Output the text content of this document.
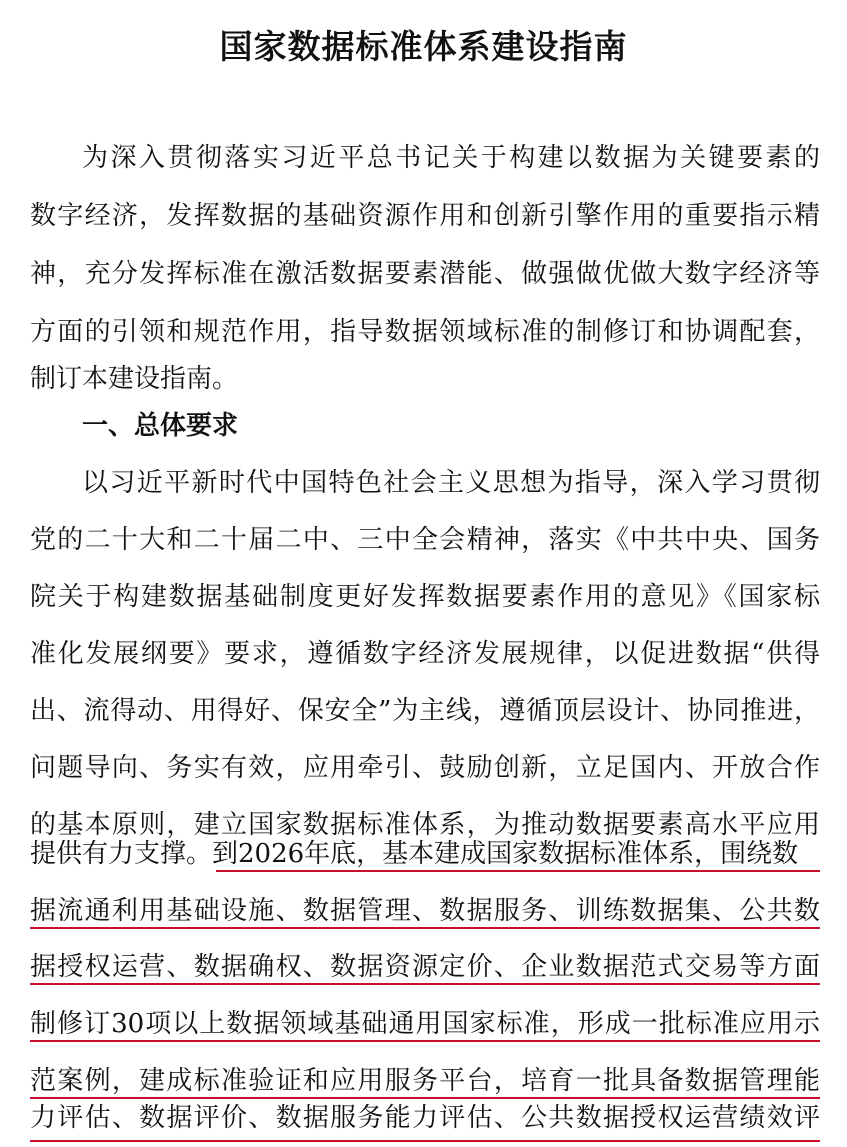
国家数据标准体系建设指南
为深入贯彻落实习近平总书记关于构建以数据为关键要素的
数字经济，发挥数据的基础资源作用和创新引擎作用的重要指示精
神，充分发挥标准在激活数据要素潜能、做强做优做大数字经济等
方面的引领和规范作用，指导数据领域标准的制修订和协调配套，
制订本建设指南。
一、总体要求
以习近平新时代中国特色社会主义思想为指导，深入学习贯彻
党的二十大和二十届二中、三中全会精神，落实《中共中央、国务
院关于构建数据基础制度更好发挥数据要素作用的意见》《国家标
准化发展纲要》要求，遵循数字经济发展规律，以促进数据“供得
出、流得动、用得好、保安全”为主线，遵循顶层设计、协同推进，
问题导向、务实有效，应用牵引、鼓励创新，立足国内、开放合作
的基本原则，建立国家数据标准体系，为推动数据要素高水平应用
提供有力支撑。到2026年底，基本建成国家数据标准体系，围绕数
据流通利用基础设施、数据管理、数据服务、训练数据集、公共数
据授权运营、数据确权、数据资源定价、企业数据范式交易等方面
制修订30项以上数据领域基础通用国家标准，形成一批标准应用示
范案例，建成标准验证和应用服务平台，培育一批具备数据管理能
力评估、数据评价、数据服务能力评估、公共数据授权运营绩效评
